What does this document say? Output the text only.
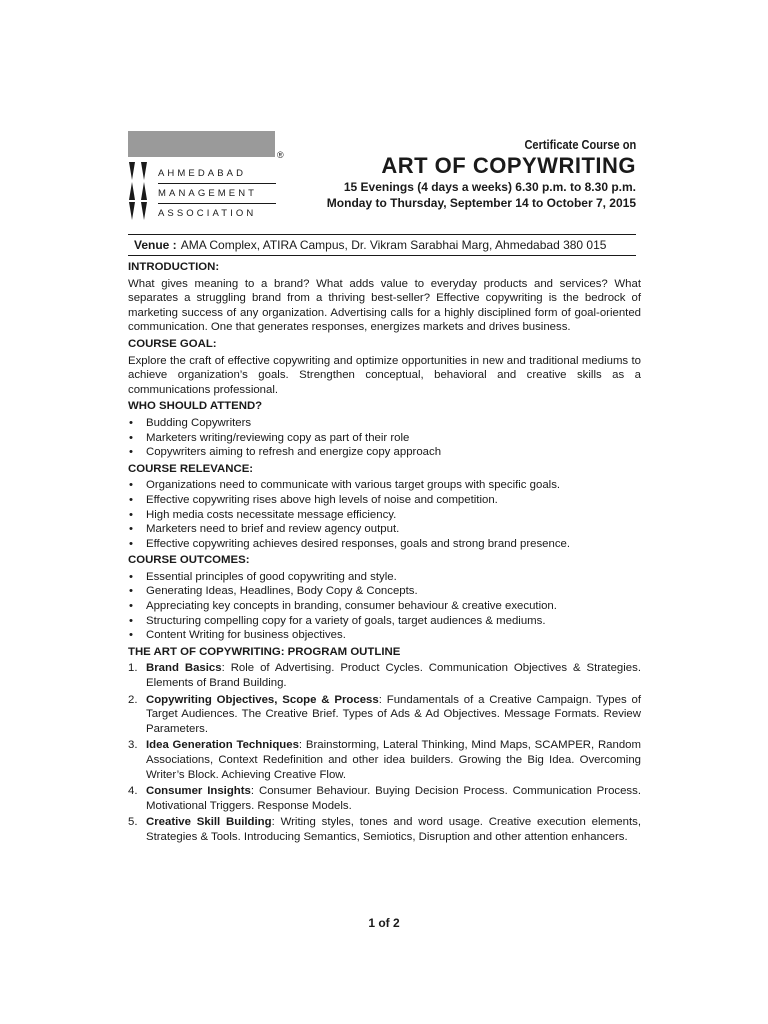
®
AHMEDABAD
MANAGEMENT
ASSOCIATION
Certificate Course on
ART OF COPYWRITING
15 Evenings (4 days a weeks) 6.30 p.m. to 8.30 p.m.
Monday to Thursday, September 14 to October 7, 2015
Venue : AMA Complex, ATIRA Campus, Dr. Vikram Sarabhai Marg, Ahmedabad 380 015
INTRODUCTION:
What gives meaning to a brand? What adds value to everyday products and services? What separates a struggling brand from a thriving best-seller? Effective copywriting is the bedrock of marketing success of any organization. Advertising calls for a highly disciplined form of goal-oriented communication. One that generates responses, energizes markets and drives business.
COURSE GOAL:
Explore the craft of effective copywriting and optimize opportunities in new and traditional mediums to achieve organization’s goals. Strengthen conceptual, behavioral and creative skills as a communications professional.
WHO SHOULD ATTEND?
• Budding Copywriters
• Marketers writing/reviewing copy as part of their role
• Copywriters aiming to refresh and energize copy approach
COURSE RELEVANCE:
• Organizations need to communicate with various target groups with specific goals.
• Effective copywriting rises above high levels of noise and competition.
• High media costs necessitate message efficiency.
• Marketers need to brief and review agency output.
• Effective copywriting achieves desired responses, goals and strong brand presence.
COURSE OUTCOMES:
• Essential principles of good copywriting and style.
• Generating Ideas, Headlines, Body Copy & Concepts.
• Appreciating key concepts in branding, consumer behaviour & creative execution.
• Structuring compelling copy for a variety of goals, target audiences & mediums.
• Content Writing for business objectives.
THE ART OF COPYWRITING: PROGRAM OUTLINE
1. Brand Basics: Role of Advertising. Product Cycles. Communication Objectives & Strategies. Elements of Brand Building.
2. Copywriting Objectives, Scope & Process: Fundamentals of a Creative Campaign. Types of Target Audiences. The Creative Brief. Types of Ads & Ad Objectives. Message Formats. Review Parameters.
3. Idea Generation Techniques: Brainstorming, Lateral Thinking, Mind Maps, SCAMPER, Random Associations, Context Redefinition and other idea builders. Growing the Big Idea. Overcoming Writer’s Block. Achieving Creative Flow.
4. Consumer Insights: Consumer Behaviour. Buying Decision Process. Communication Process. Motivational Triggers. Response Models.
5. Creative Skill Building: Writing styles, tones and word usage. Creative execution elements, Strategies & Tools. Introducing Semantics, Semiotics, Disruption and other attention enhancers.
1 of 2
